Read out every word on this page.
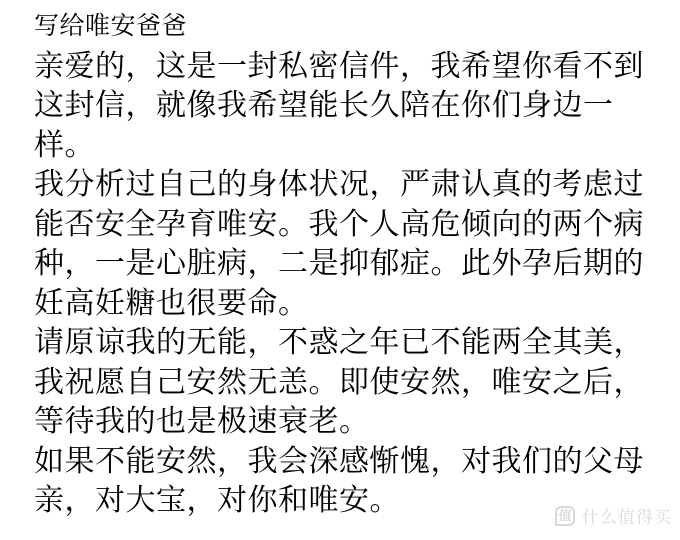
写给唯安爸爸
亲爱的，这是一封私密信件，我希望你看不到
这封信，就像我希望能长久陪在你们身边一
样。
我分析过自己的身体状况，严肃认真的考虑过
能否安全孕育唯安。我个人高危倾向的两个病
种，一是心脏病，二是抑郁症。此外孕后期的
妊高妊糖也很要命。
请原谅我的无能，不惑之年已不能两全其美，
我祝愿自己安然无恙。即使安然，唯安之后，
等待我的也是极速衰老。
如果不能安然，我会深感惭愧，对我们的父母
亲，对大宝，对你和唯安。	值 什么值得买
